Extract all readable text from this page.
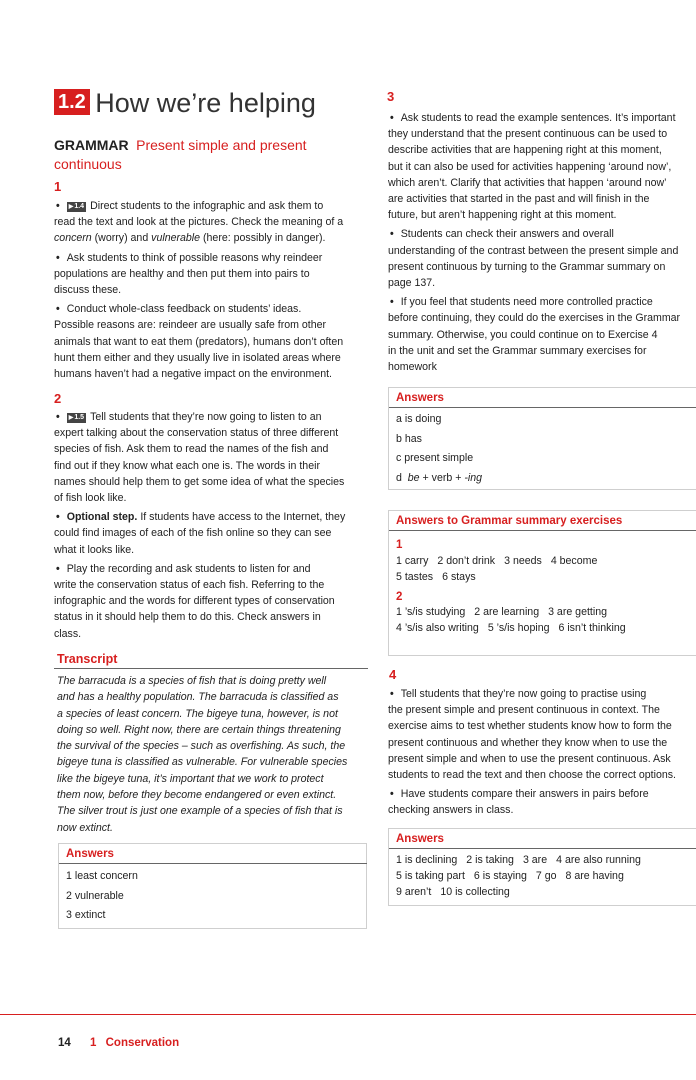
1.2 How we’re helping
GRAMMAR Present simple and present
continuous
1

• ▶ 1.4 Direct students to the infographic and ask them to

read the text and look at the pictures. Check the meaning of a

concern (worry) and vulnerable (here: possibly in danger).

• Ask students to think of possible reasons why reindeer

populations are healthy and then put them into pairs to

discuss these.

• Conduct whole-class feedback on students’ ideas.

Possible reasons are: reindeer are usually safe from other

animals that want to eat them (predators), humans don’t often

hunt them either and they usually live in isolated areas where

humans haven’t had a negative impact on the environment.

2

• ▶ 1.5 Tell students that they’re now going to listen to an

expert talking about the conservation status of three different

species of fish. Ask them to read the names of the fish and

find out if they know what each one is. The words in their

names should help them to get some idea of what the species

of fish look like.

• Optional step. If students have access to the Internet, they

could find images of each of the fish online so they can see

what it looks like.

• Play the recording and ask students to listen for and

write the conservation status of each fish. Referring to the

infographic and the words for different types of conservation

status in it should help them to do this. Check answers in

class.

Transcript
The barracuda is a species of fish that is doing pretty well
and has a healthy population. The barracuda is classified as
a species of least concern. The bigeye tuna, however, is not
doing so well. Right now, there are certain things threatening
the survival of the species – such as overfishing. As such, the
bigeye tuna is classified as vulnerable. For vulnerable species
like the bigeye tuna, it’s important that we work to protect
them now, before they become endangered or even extinct.
The silver trout is just one example of a species of fish that is
now extinct.
Answers
1 least concern
2 vulnerable
3 extinct
3

• Ask students to read the example sentences. It’s important

they understand that the present continuous can be used to

describe activities that are happening right at this moment,

but it can also be used for activities happening ‘around now’,

which aren’t. Clarify that activities that happen ‘around now’

are activities that started in the past and will finish in the

future, but aren’t happening right at this moment.

• Students can check their answers and overall

understanding of the contrast between the present simple and

present continuous by turning to the Grammar summary on

page 137.

• If you feel that students need more controlled practice

before continuing, they could do the exercises in the Grammar

summary. Otherwise, you could continue on to Exercise 4

in the unit and set the Grammar summary exercises for

homework

Answers
a is doing
b has
c present simple
d  be + verb + -ing
Answers to Grammar summary exercises
1
1 carry 2 don’t drink 3 needs 4 become
5 tastes 6 stays
2
1 ’s/is studying 2 are learning 3 are getting
4 ’s/is also writing 5 ’s/is hoping 6 isn’t thinking
4

• Tell students that they’re now going to practise using

the present simple and present continuous in context. The

exercise aims to test whether students know how to form the

present continuous and whether they know when to use the

present simple and when to use the present continuous. Ask

students to read the text and then choose the correct options.

• Have students compare their answers in pairs before

checking answers in class.

Answers
1 is declining 2 is taking 3 are 4 are also running
5 is taking part 6 is staying 7 go 8 are having
9 aren’t 10 is collecting
14 1 Conservation
